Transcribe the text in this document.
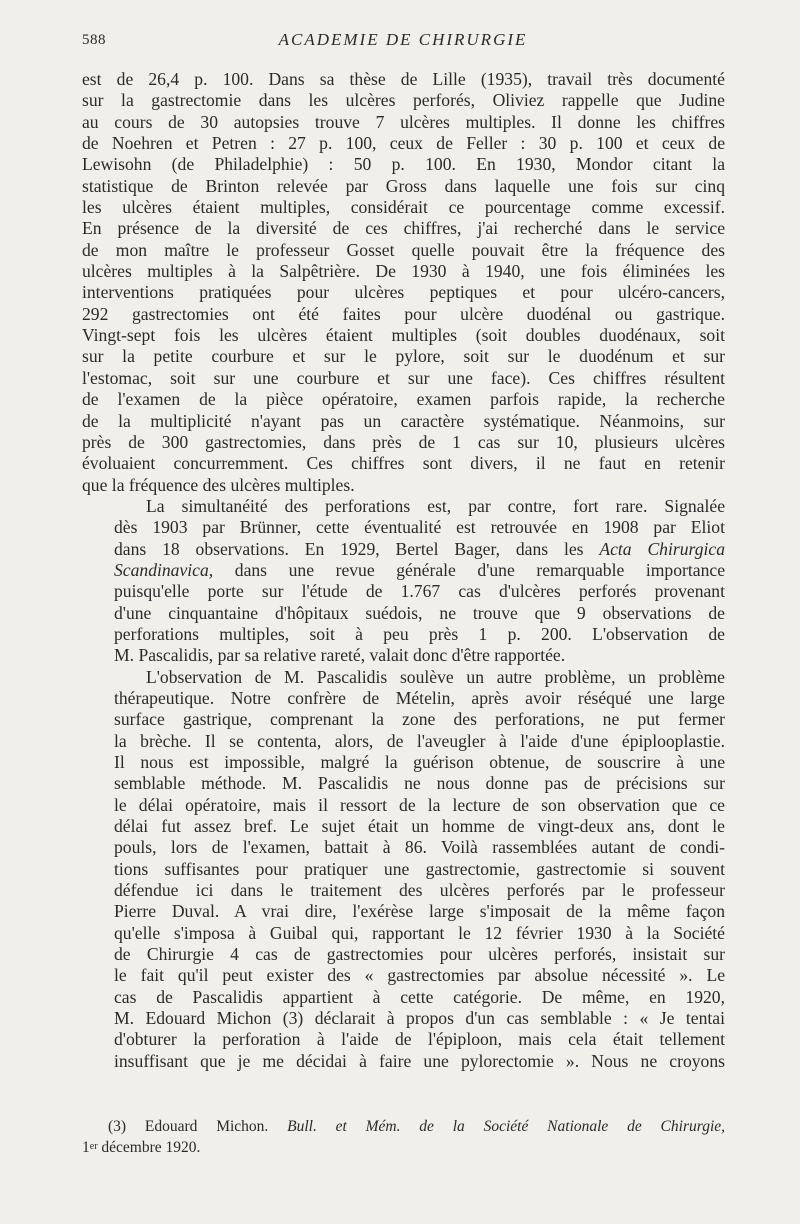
588	ACADEMIE DE CHIRURGIE

est de 26,4 p. 100. Dans sa thèse de Lille (1935), travail très documenté
sur la gastrectomie dans les ulcères perforés, Oliviez rappelle que Judine
au cours de 30 autopsies trouve 7 ulcères multiples. Il donne les chiffres
de Noehren et Petren : 27 p. 100, ceux de Feller : 30 p. 100 et ceux de
Lewisohn (de Philadelphie) : 50 p. 100. En 1930, Mondor citant la
statistique de Brinton relevée par Gross dans laquelle une fois sur cinq
les ulcères étaient multiples, considérait ce pourcentage comme excessif.
En présence de la diversité de ces chiffres, j'ai recherché dans le service
de mon maître le professeur Gosset quelle pouvait être la fréquence des
ulcères multiples à la Salpêtrière. De 1930 à 1940, une fois éliminées les
interventions pratiquées pour ulcères peptiques et pour ulcéro-cancers,
292 gastrectomies ont été faites pour ulcère duodénal ou gastrique.
Vingt-sept fois les ulcères étaient multiples (soit doubles duodénaux, soit
sur la petite courbure et sur le pylore, soit sur le duodénum et sur
l'estomac, soit sur une courbure et sur une face). Ces chiffres résultent
de l'examen de la pièce opératoire, examen parfois rapide, la recherche
de la multiplicité n'ayant pas un caractère systématique. Néanmoins, sur
près de 300 gastrectomies, dans près de 1 cas sur 10, plusieurs ulcères
évoluaient concurremment. Ces chiffres sont divers, il ne faut en retenir
que la fréquence des ulcères multiples.

La simultanéité des perforations est, par contre, fort rare. Signalée
dès 1903 par Brünner, cette éventualité est retrouvée en 1908 par Eliot
dans 18 observations. En 1929, Bertel Bager, dans les Acta Chirurgica
Scandinavica, dans une revue générale d'une remarquable importance
puisqu'elle porte sur l'étude de 1.767 cas d'ulcères perforés provenant
d'une cinquantaine d'hôpitaux suédois, ne trouve que 9 observations de
perforations multiples, soit à peu près 1 p. 200. L'observation de
M. Pascalidis, par sa relative rareté, valait donc d'être rapportée.

L'observation de M. Pascalidis soulève un autre problème, un problème
thérapeutique. Notre confrère de Mételin, après avoir réséqué une large
surface gastrique, comprenant la zone des perforations, ne put fermer
la brèche. Il se contenta, alors, de l'aveugler à l'aide d'une épiplooplastie.
Il nous est impossible, malgré la guérison obtenue, de souscrire à une
semblable méthode. M. Pascalidis ne nous donne pas de précisions sur
le délai opératoire, mais il ressort de la lecture de son observation que ce
délai fut assez bref. Le sujet était un homme de vingt-deux ans, dont le
pouls, lors de l'examen, battait à 86. Voilà rassemblées autant de condi-
tions suffisantes pour pratiquer une gastrectomie, gastrectomie si souvent
défendue ici dans le traitement des ulcères perforés par le professeur
Pierre Duval. A vrai dire, l'exérèse large s'imposait de la même façon
qu'elle s'imposa à Guibal qui, rapportant le 12 février 1930 à la Société
de Chirurgie 4 cas de gastrectomies pour ulcères perforés, insistait sur
le fait qu'il peut exister des « gastrectomies par absolue nécessité ». Le
cas de Pascalidis appartient à cette catégorie. De même, en 1920,
M. Edouard Michon (3) déclarait à propos d'un cas semblable : « Je tentai
d'obturer la perforation à l'aide de l'épiploon, mais cela était tellement
insuffisant que je me décidai à faire une pylorectomie ». Nous ne croyons

(3) Edouard Michon. Bull. et Mém. de la Société Nationale de Chirurgie,
1er décembre 1920.
